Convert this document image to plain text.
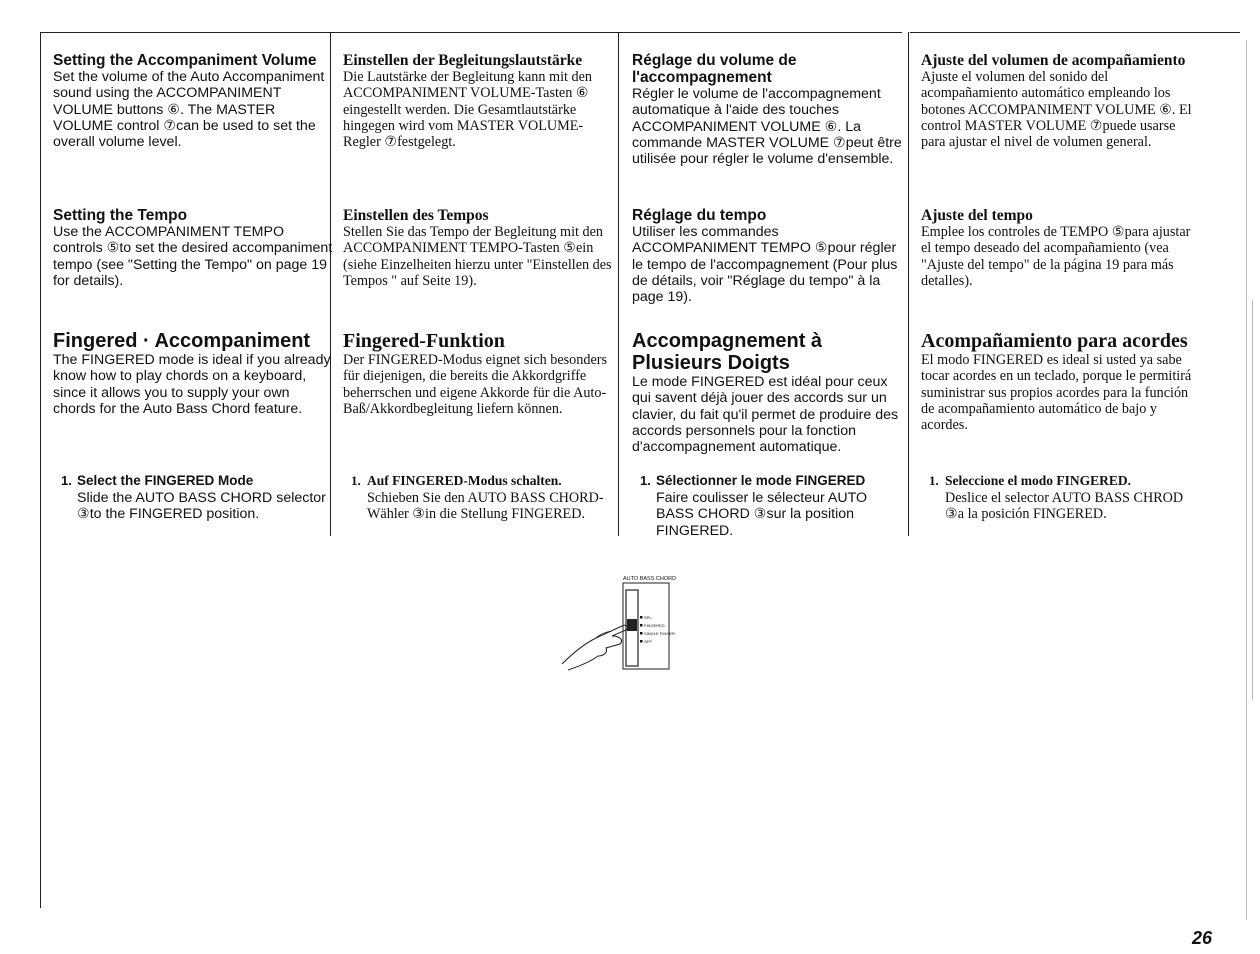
Setting the Accompaniment Volume

Set the volume of the Auto Accompaniment sound using the ACCOMPANIMENT VOLUME buttons ⑥. The MASTER VOLUME control ⑦can be used to set the overall volume level.

Setting the Tempo

Use the ACCOMPANIMENT TEMPO controls ⑤to set the desired accompaniment tempo (see "Setting the Tempo" on page 19 for details).

Fingered · Accompaniment

The FINGERED mode is ideal if you already know how to play chords on a keyboard, since it allows you to supply your own chords for the Auto Bass Chord feature.

1. Select the FINGERED Mode

Slide the AUTO BASS CHORD selector ③to the FINGERED position.

Einstellen der Begleitungslautstärke

Die Lautstärke der Begleitung kann mit den ACCOMPANIMENT VOLUME-Tasten ⑥ eingestellt werden. Die Gesamtlautstärke hingegen wird vom MASTER VOLUME-Regler ⑦festgelegt.

Einstellen des Tempos

Stellen Sie das Tempo der Begleitung mit den ACCOMPANIMENT TEMPO-Tasten ⑤ein (siehe Einzelheiten hierzu unter "Einstellen des Tempos " auf Seite 19).

Fingered-Funktion

Der FINGERED-Modus eignet sich besonders für diejenigen, die bereits die Akkordgriffe beherrschen und eigene Akkorde für die Auto-Baß/Akkordbegleitung liefern können.

1. Auf FINGERED-Modus schalten.

Schieben Sie den AUTO BASS CHORD-Wähler ③in die Stellung FINGERED.

Réglage du volume de l'accompagnement

Régler le volume de l'accompagnement automatique à l'aide des touches ACCOMPANIMENT VOLUME ⑥. La commande MASTER VOLUME ⑦peut être utilisée pour régler le volume d'ensemble.

Réglage du tempo

Utiliser les commandes ACCOMPANIMENT TEMPO ⑤pour régler le tempo de l'accompagnement (Pour plus de détails, voir "Réglage du tempo" à la page 19).

Accompagnement à Plusieurs Doigts

Le mode FINGERED est idéal pour ceux qui savent déjà jouer des accords sur un clavier, du fait qu'il permet de produire des accords personnels pour la fonction d'accompagnement automatique.

1. Sélectionner le mode FINGERED

Faire coulisser le sélecteur AUTO BASS CHORD ③sur la position FINGERED.

Ajuste del volumen de acompañamiento

Ajuste el volumen del sonido del acompañamiento automático empleando los botones ACCOMPANIMENT VOLUME ⑥. El control MASTER VOLUME ⑦puede usarse para ajustar el nivel de volumen general.

Ajuste del tempo

Emplee los controles de TEMPO ⑤para ajustar el tempo deseado del acompañamiento (vea "Ajuste del tempo" de la página 19 para más detalles).

Acompañamiento para acordes

El modo FINGERED es ideal si usted ya sabe tocar acordes en un teclado, porque le permitirá suministrar sus propios acordes para la función de acompañamiento automático de bajo y acordes.

1. Seleccione el modo FINGERED.

Deslice el selector AUTO BASS CHROD ③a la posición FINGERED.

AUTO BASS CHORD
SPL
FINGERED
SINGLE FINGER
OFF
26
